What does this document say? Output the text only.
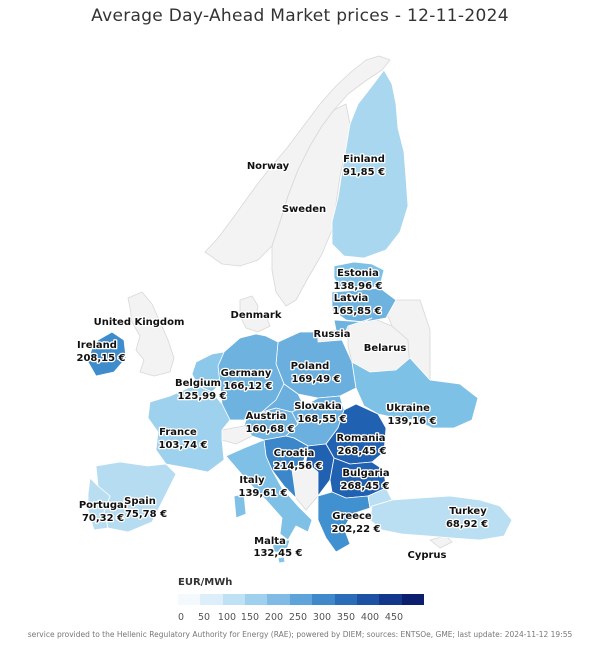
Average Day-Ahead Market prices - 12-11-2024
Norway
Sweden
United Kingdom
Denmark
Russia
Belarus
Cyprus
Finland
91,85 €
Estonia
138,96 €
Latvia
165,85 €
Ireland
208,15 €
Poland
169,49 €
Germany
166,12 €
Belgium
125,99 €
France
103,74 €
Austria
160,68 €
Slovakia
168,55 €
Ukraine
139,16 €
Romania
268,45 €
Croatia
214,56 €
Bulgaria
268,45 €
Italy
139,61 €
Portugal
70,32 €
Spain
75,78 €	Greece
202,22 €
Turkey
68,92 €
Malta
132,45 €
EUR/MWh
0 50 100 150 200 250 300 350 400 450
service provided to the Hellenic Regulatory Authority for Energy (RAE); powered by DIEM; sources: ENTSOe, GME; last update: 2024-11-12 19:55
